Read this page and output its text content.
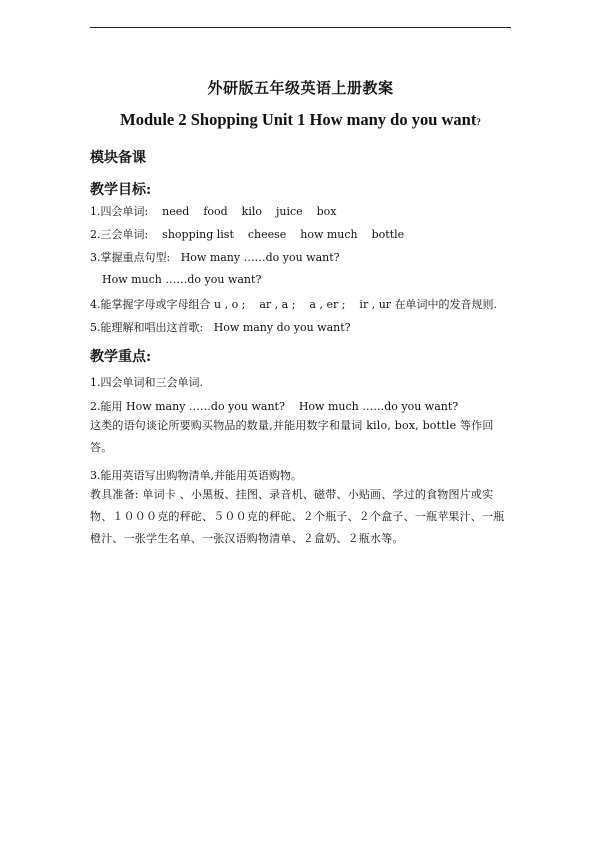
外研版五年级英语上册教案
Module 2 Shopping Unit 1 How many do you want?
模块备课
教学目标:
1.四会单词:    need    food    kilo    juice    box
2.三会单词:    shopping list    cheese    how much    bottle
3.掌握重点句型:   How many ……do you want?
How much ……do you want?
4.能掌握字母或字母组合 u , o ;    ar , a ;    a , er ;    ir , ur 在单词中的发音规则.
5.能理解和唱出这首歌:   How many do you want?
教学重点:
1.四会单词和三会单词.
2.能用 How many ……do you want?    How much ……do you want?
这类的语句谈论所要购买物品的数量,并能用数字和量词 kilo, box, bottle 等作回答。
3.能用英语写出购物清单,并能用英语购物。
教具准备: 单词卡 、小黑板、挂图、录音机、磁带、小贴画、学过的食物图片或实物、１０００克的秤砣、５００克的秤砣、２个瓶子、２个盒子、一瓶苹果汁、一瓶橙汁、一张学生名单、一张汉语购物清单、２盒奶、２瓶水等。
